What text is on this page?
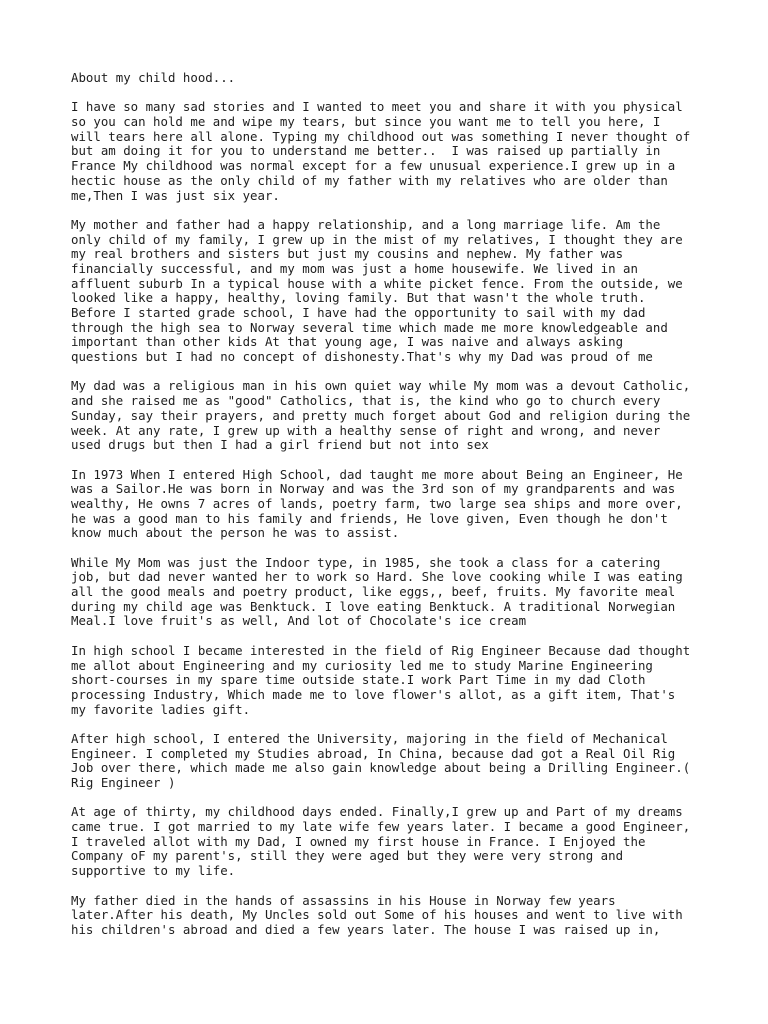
About my child hood...
I have so many sad stories and I wanted to meet you and share it with you physical
so you can hold me and wipe my tears, but since you want me to tell you here, I
will tears here all alone. Typing my childhood out was something I never thought of
but am doing it for you to understand me better..  I was raised up partially in
France My childhood was normal except for a few unusual experience.I grew up in a
hectic house as the only child of my father with my relatives who are older than
me,Then I was just six year.
My mother and father had a happy relationship, and a long marriage life. Am the
only child of my family, I grew up in the mist of my relatives, I thought they are
my real brothers and sisters but just my cousins and nephew. My father was
financially successful, and my mom was just a home housewife. We lived in an
affluent suburb In a typical house with a white picket fence. From the outside, we
looked like a happy, healthy, loving family. But that wasn't the whole truth.
Before I started grade school, I have had the opportunity to sail with my dad
through the high sea to Norway several time which made me more knowledgeable and
important than other kids At that young age, I was naive and always asking
questions but I had no concept of dishonesty.That's why my Dad was proud of me
My dad was a religious man in his own quiet way while My mom was a devout Catholic,
and she raised me as "good" Catholics, that is, the kind who go to church every
Sunday, say their prayers, and pretty much forget about God and religion during the
week. At any rate, I grew up with a healthy sense of right and wrong, and never
used drugs but then I had a girl friend but not into sex
In 1973 When I entered High School, dad taught me more about Being an Engineer, He
was a Sailor.He was born in Norway and was the 3rd son of my grandparents and was
wealthy, He owns 7 acres of lands, poetry farm, two large sea ships and more over,
he was a good man to his family and friends, He love given, Even though he don't
know much about the person he was to assist.
While My Mom was just the Indoor type, in 1985, she took a class for a catering
job, but dad never wanted her to work so Hard. She love cooking while I was eating
all the good meals and poetry product, like eggs,, beef, fruits. My favorite meal
during my child age was Benktuck. I love eating Benktuck. A traditional Norwegian
Meal.I love fruit's as well, And lot of Chocolate's ice cream
In high school I became interested in the field of Rig Engineer Because dad thought
me allot about Engineering and my curiosity led me to study Marine Engineering
short-courses in my spare time outside state.I work Part Time in my dad Cloth
processing Industry, Which made me to love flower's allot, as a gift item, That's
my favorite ladies gift.
After high school, I entered the University, majoring in the field of Mechanical
Engineer. I completed my Studies abroad, In China, because dad got a Real Oil Rig
Job over there, which made me also gain knowledge about being a Drilling Engineer.(
Rig Engineer )
At age of thirty, my childhood days ended. Finally,I grew up and Part of my dreams
came true. I got married to my late wife few years later. I became a good Engineer,
I traveled allot with my Dad, I owned my first house in France. I Enjoyed the
Company oF my parent's, still they were aged but they were very strong and
supportive to my life.
My father died in the hands of assassins in his House in Norway few years
later.After his death, My Uncles sold out Some of his houses and went to live with
his children's abroad and died a few years later. The house I was raised up in,
